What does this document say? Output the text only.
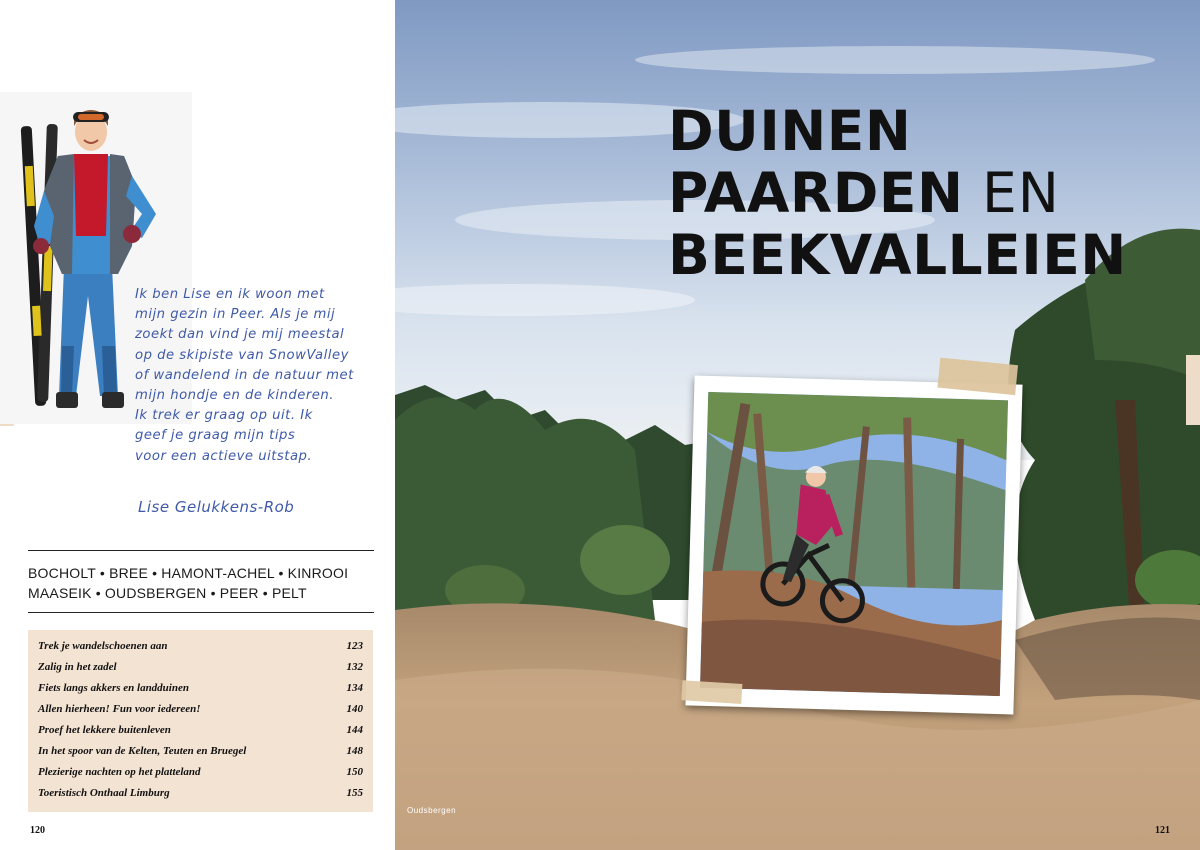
Ik ben Lise en ik woon met
mijn gezin in Peer. Als je mij
zoekt dan vind je mij meestal
op de skipiste van SnowValley
of wandelend in de natuur met
mijn hondje en de kinderen.
Ik trek er graag op uit. Ik
geef je graag mijn tips
voor een actieve uitstap.
Lise Gelukkens-Rob
BOCHOLT • BREE • HAMONT-ACHEL • KINROOI
MAASEIK • OUDSBERGEN • PEER • PELT
Trek je wandelschoenen aan	123
Zalig in het zadel	132
Fiets langs akkers en landduinen	134
Allen hierheen! Fun voor iedereen!	140
Proef het lekkere buitenleven	144
In het spoor van de Kelten, Teuten en Bruegel	148
Plezierige nachten op het platteland	150
Toeristisch Onthaal Limburg	155
120
DUINEN
PAARDEN EN
BEEKVALLEIEN
Oudsbergen
121
